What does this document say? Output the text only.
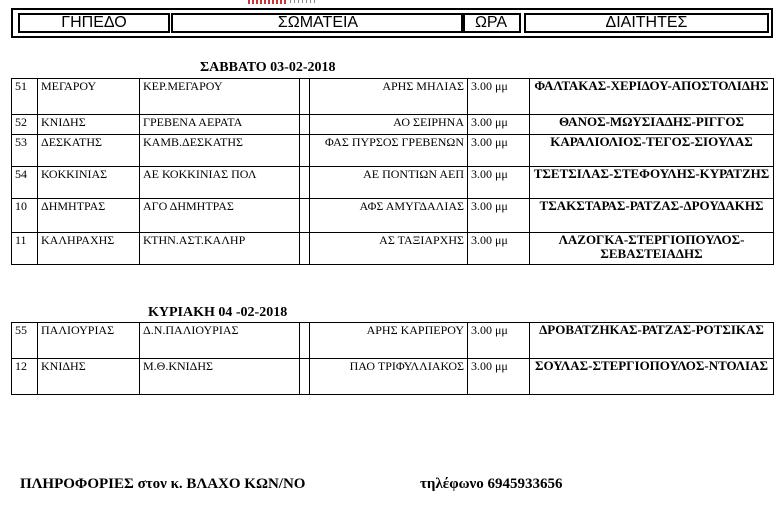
ΓΗΠΕΔΟ	ΣΩΜΑΤΕΙΑ	ΩΡΑ	ΔΙΑΙΤΗΤΕΣ
ΣΑΒΒΑΤΟ 03-02-2018
51	ΜΕΓΑΡΟΥ	ΚΕΡ.ΜΕΓΑΡΟΥ		ΑΡΗΣ ΜΗΛΙΑΣ	3.00 μμ	ΦΑΛΤΑΚΑΣ-ΧΕΡΙΔΟΥ-ΑΠΟΣΤΟΛΙΔΗΣ
52	ΚΝΙΔΗΣ	ΓΡΕΒΕΝΑ ΑΕΡΑΤΑ		ΑΟ ΣΕΙΡΗΝΑ	3.00 μμ	ΘΑΝΟΣ-ΜΩΥΣΙΑΔΗΣ-ΡΙΓΓΟΣ
53	ΔΕΣΚΑΤΗΣ	ΚΑΜΒ.ΔΕΣΚΑΤΗΣ		ΦΑΣ ΠΥΡΣΟΣ ΓΡΕΒΕΝΩΝ	3.00 μμ	ΚΑΡΑΛΙΟΛΙΟΣ-ΤΕΓΟΣ-ΣΙΟΥΛΑΣ
54	ΚΟΚΚΙΝΙΑΣ	ΑΕ ΚΟΚΚΙΝΙΑΣ ΠΟΛ		ΑΕ ΠΟΝΤΙΩΝ ΑΕΠ	3.00 μμ	ΤΣΕΤΣΙΛΑΣ-ΣΤΕΦΟΥΛΗΣ-ΚΥΡΑΤΖΗΣ
10	ΔΗΜΗΤΡΑΣ	ΑΓΟ ΔΗΜΗΤΡΑΣ		ΑΦΣ ΑΜΥΓΔΑΛΙΑΣ	3.00 μμ	ΤΣΑΚΣΤΑΡΑΣ-ΡΑΤΖΑΣ-ΔΡΟΥΔΑΚΗΣ
11	ΚΑΛΗΡΑΧΗΣ	ΚΤΗΝ.ΑΣΤ.ΚΑΛΗΡ		ΑΣ ΤΑΞΙΑΡΧΗΣ	3.00 μμ	ΛΑΖΟΓΚΑ-ΣΤΕΡΓΙΟΠΟΥΛΟΣ-ΣΕΒΑΣΤΕΙΑΔΗΣ
ΚΥΡΙΑΚΗ 04 -02-2018
55	ΠΑΛΙΟΥΡΙΑΣ	Δ.Ν.ΠΑΛΙΟΥΡΙΑΣ		ΑΡΗΣ ΚΑΡΠΕΡΟΥ	3.00 μμ	ΔΡΟΒΑΤΖΗΚΑΣ-ΡΑΤΖΑΣ-ΡΟΤΣΙΚΑΣ
12	ΚΝΙΔΗΣ	Μ.Θ.ΚΝΙΔΗΣ		ΠΑΟ ΤΡΙΦΥΛΛΙΑΚΟΣ	3.00 μμ	ΣΟΥΛΑΣ-ΣΤΕΡΓΙΟΠΟΥΛΟΣ-ΝΤΟΛΙΑΣ
ΠΛΗΡΟΦΟΡΙΕΣ στον κ. ΒΛΑΧΟ ΚΩΝ/ΝΟ	τηλέφωνο 6945933656
